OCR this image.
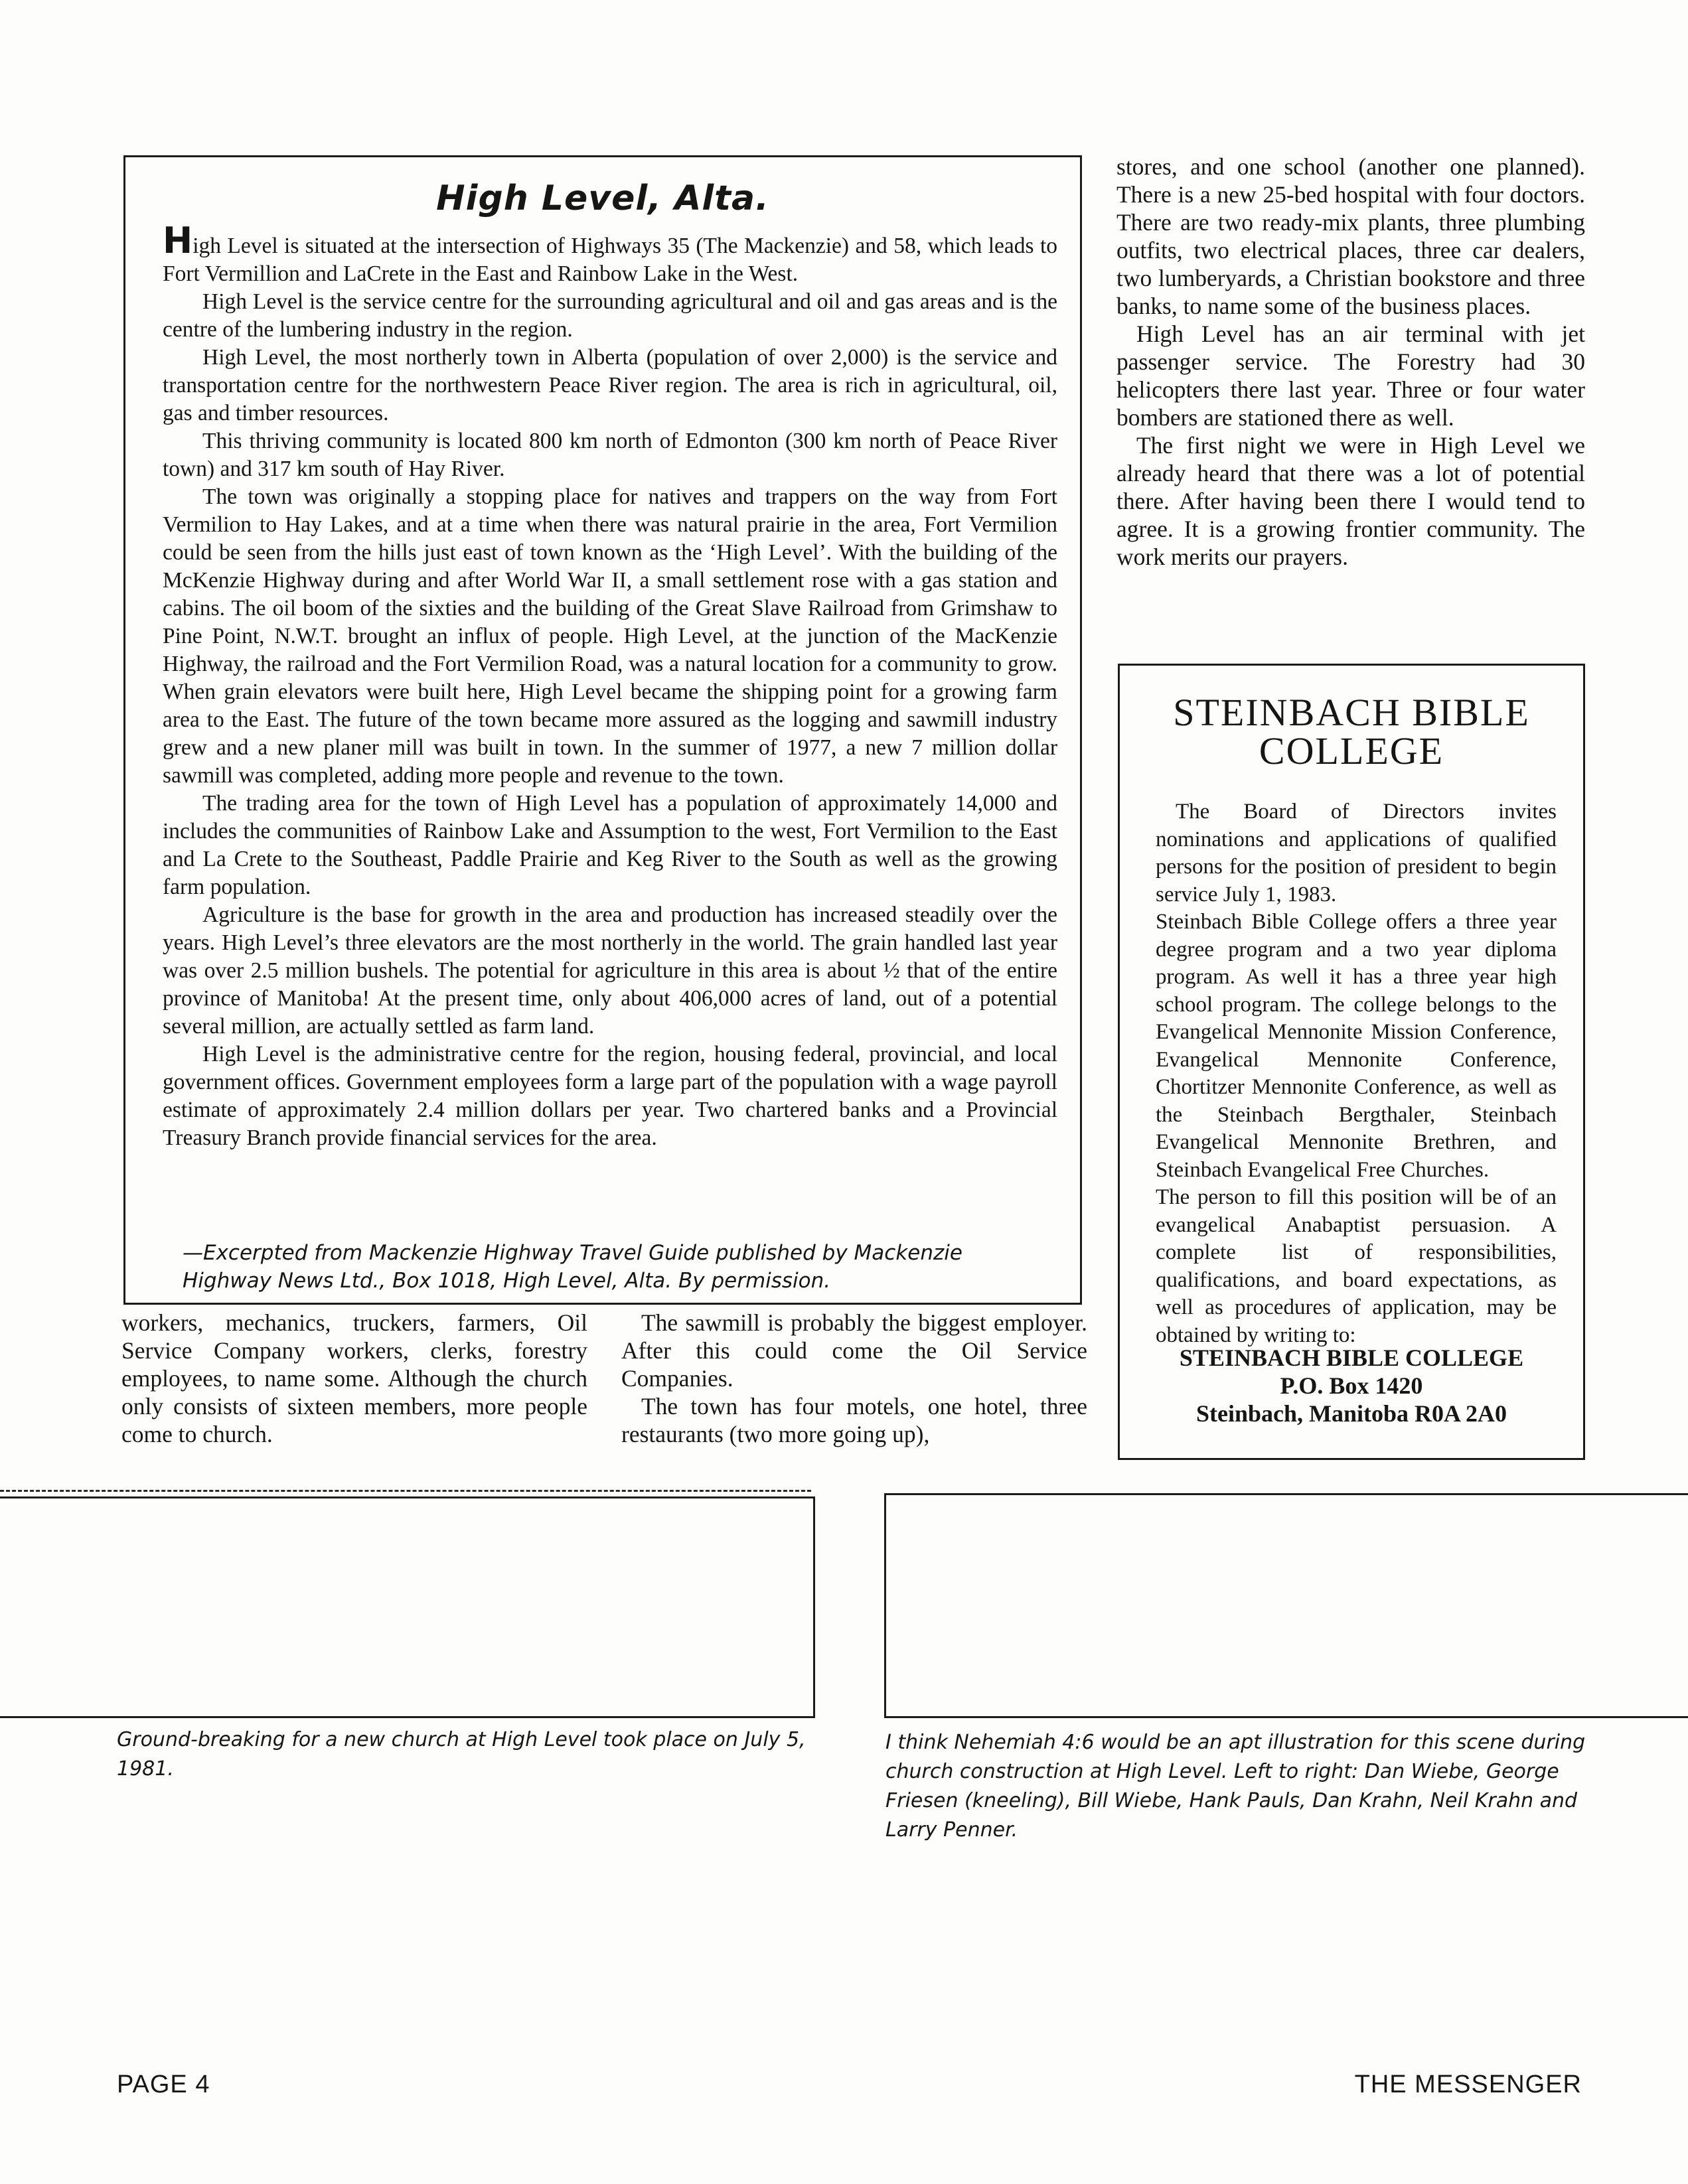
High Level, Alta.

High Level is situated at the intersection of Highways 35 (The Mackenzie) and 58, which leads to Fort Vermillion and LaCrete in the East and Rainbow Lake in the West.

High Level is the service centre for the surrounding agricultural and oil and gas areas and is the centre of the lumbering industry in the region.

High Level, the most northerly town in Alberta (population of over 2,000) is the service and transportation centre for the northwestern Peace River region. The area is rich in agricultural, oil, gas and timber resources.

This thriving community is located 800 km north of Edmonton (300 km north of Peace River town) and 317 km south of Hay River.

The town was originally a stopping place for natives and trappers on the way from Fort Vermilion to Hay Lakes, and at a time when there was natural prairie in the area, Fort Vermilion could be seen from the hills just east of town known as the ‘High Level’. With the building of the McKenzie Highway during and after World War II, a small settlement rose with a gas station and cabins. The oil boom of the sixties and the building of the Great Slave Railroad from Grimshaw to Pine Point, N.W.T. brought an influx of people. High Level, at the junction of the MacKenzie Highway, the railroad and the Fort Vermilion Road, was a natural location for a community to grow. When grain elevators were built here, High Level became the shipping point for a growing farm area to the East. The future of the town became more assured as the logging and sawmill industry grew and a new planer mill was built in town. In the summer of 1977, a new 7 million dollar sawmill was completed, adding more people and revenue to the town.

The trading area for the town of High Level has a population of approximately 14,000 and includes the communities of Rainbow Lake and Assumption to the west, Fort Vermilion to the East and La Crete to the Southeast, Paddle Prairie and Keg River to the South as well as the growing farm population.

Agriculture is the base for growth in the area and production has increased steadily over the years. High Level’s three elevators are the most northerly in the world. The grain handled last year was over 2.5 million bushels. The potential for agriculture in this area is about ½ that of the entire province of Manitoba! At the present time, only about 406,000 acres of land, out of a potential several million, are actually settled as farm land.

High Level is the administrative centre for the region, housing federal, provincial, and local government offices. Government employees form a large part of the population with a wage payroll estimate of approximately 2.4 million dollars per year. Two chartered banks and a Provincial Treasury Branch provide financial services for the area.

—Excerpted from Mackenzie Highway Travel Guide published by Mackenzie Highway News Ltd., Box 1018, High Level, Alta. By permission.

workers, mechanics, truckers, farmers, Oil Service Company workers, clerks, forestry employees, to name some. Although the church only consists of sixteen members, more people come to church.

The sawmill is probably the biggest employer. After this could come the Oil Service Companies.

The town has four motels, one hotel, three restaurants (two more going up),

stores, and one school (another one planned). There is a new 25-bed hospital with four doctors. There are two ready-mix plants, three plumbing outfits, two electrical places, three car dealers, two lumberyards, a Christian bookstore and three banks, to name some of the business places.

High Level has an air terminal with jet passenger service. The Forestry had 30 helicopters there last year. Three or four water bombers are stationed there as well.

The first night we were in High Level we already heard that there was a lot of potential there. After having been there I would tend to agree. It is a growing frontier community. The work merits our prayers.

STEINBACH BIBLE
COLLEGE

The Board of Directors invites nominations and applications of qualified persons for the position of president to begin service July 1, 1983.

Steinbach Bible College offers a three year degree program and a two year diploma program. As well it has a three year high school program. The college belongs to the Evangelical Mennonite Mission Conference, Evangelical Mennonite Conference, Chortitzer Mennonite Conference, as well as the Steinbach Bergthaler, Steinbach Evangelical Mennonite Brethren, and Steinbach Evangelical Free Churches.

The person to fill this position will be of an evangelical Anabaptist persuasion. A complete list of responsibilities, qualifications, and board expectations, as well as procedures of application, may be obtained by writing to:

STEINBACH BIBLE COLLEGE
P.O. Box 1420
Steinbach, Manitoba R0A 2A0
Ground-breaking for a new church at High Level took place on July 5, 1981.
I think Nehemiah 4:6 would be an apt illustration for this scene during church construction at High Level. Left to right: Dan Wiebe, George Friesen (kneeling), Bill Wiebe, Hank Pauls, Dan Krahn, Neil Krahn and Larry Penner.
PAGE 4	THE MESSENGER
